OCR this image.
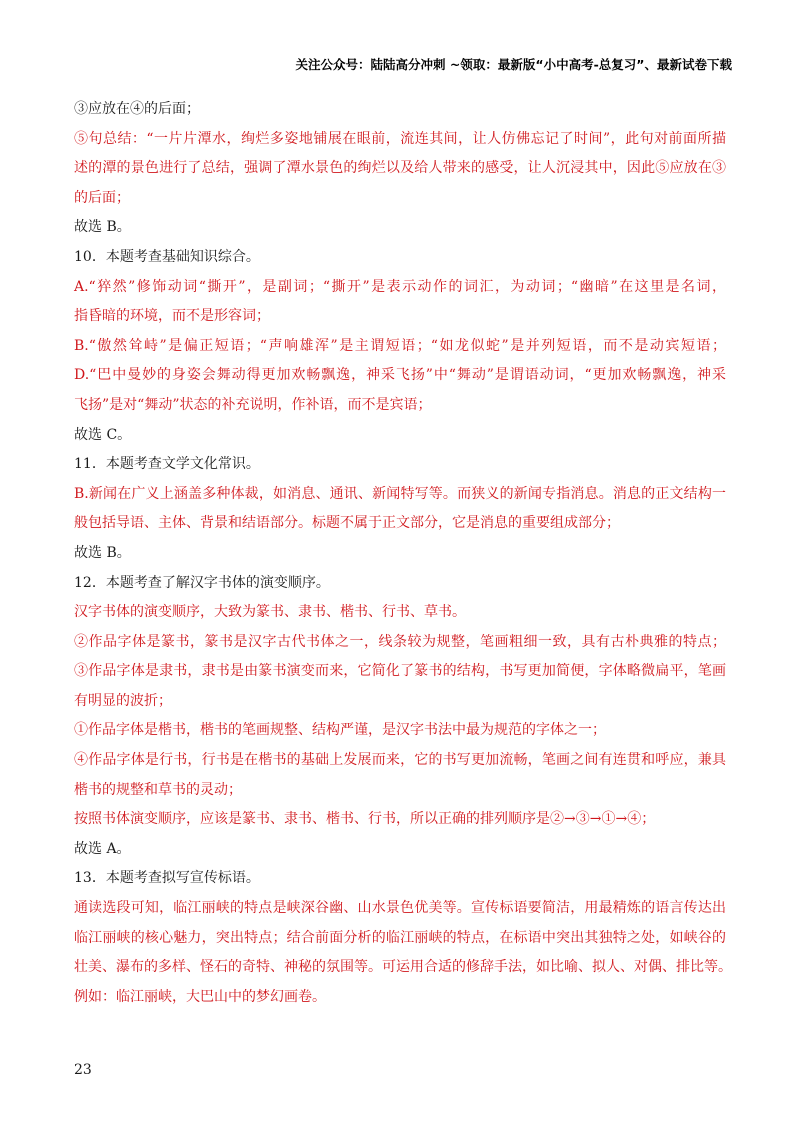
关注公众号：陆陆高分冲刺 ~领取：最新版“小中高考-总复习”、最新试卷下载
③应放在④的后面；
⑤句总结：“一片片潭水，绚烂多姿地铺展在眼前，流连其间，让人仿佛忘记了时间”，此句对前面所描
述的潭的景色进行了总结，强调了潭水景色的绚烂以及给人带来的感受，让人沉浸其中，因此⑤应放在③
的后面；
故选 B。
10．本题考查基础知识综合。
A.“猝然”修饰动词“撕开”，是副词；“撕开”是表示动作的词汇，为动词；“幽暗”在这里是名词，
指昏暗的环境，而不是形容词；
B.“傲然耸峙”是偏正短语；“声响雄浑”是主谓短语；“如龙似蛇”是并列短语，而不是动宾短语；
D.“巴中曼妙的身姿会舞动得更加欢畅飘逸，神采飞扬”中“舞动”是谓语动词，“更加欢畅飘逸，神采
飞扬”是对“舞动”状态的补充说明，作补语，而不是宾语；
故选 C。
11．本题考查文学文化常识。
B.新闻在广义上涵盖多种体裁，如消息、通讯、新闻特写等。而狭义的新闻专指消息。消息的正文结构一
般包括导语、主体、背景和结语部分。标题不属于正文部分，它是消息的重要组成部分；
故选 B。
12．本题考查了解汉字书体的演变顺序。
汉字书体的演变顺序，大致为篆书、隶书、楷书、行书、草书。
②作品字体是篆书，篆书是汉字古代书体之一，线条较为规整，笔画粗细一致，具有古朴典雅的特点；
③作品字体是隶书，隶书是由篆书演变而来，它简化了篆书的结构，书写更加简便，字体略微扁平，笔画
有明显的波折；
①作品字体是楷书，楷书的笔画规整、结构严谨，是汉字书法中最为规范的字体之一；
④作品字体是行书，行书是在楷书的基础上发展而来，它的书写更加流畅，笔画之间有连贯和呼应，兼具
楷书的规整和草书的灵动；
按照书体演变顺序，应该是篆书、隶书、楷书、行书，所以正确的排列顺序是②→③→①→④；
故选 A。
13．本题考查拟写宣传标语。
通读选段可知，临江丽峡的特点是峡深谷幽、山水景色优美等。宣传标语要简洁，用最精炼的语言传达出
临江丽峡的核心魅力，突出特点；结合前面分析的临江丽峡的特点，在标语中突出其独特之处，如峡谷的
壮美、瀑布的多样、怪石的奇特、神秘的氛围等。可运用合适的修辞手法，如比喻、拟人、对偶、排比等。
例如：临江丽峡，大巴山中的梦幻画卷。
23
